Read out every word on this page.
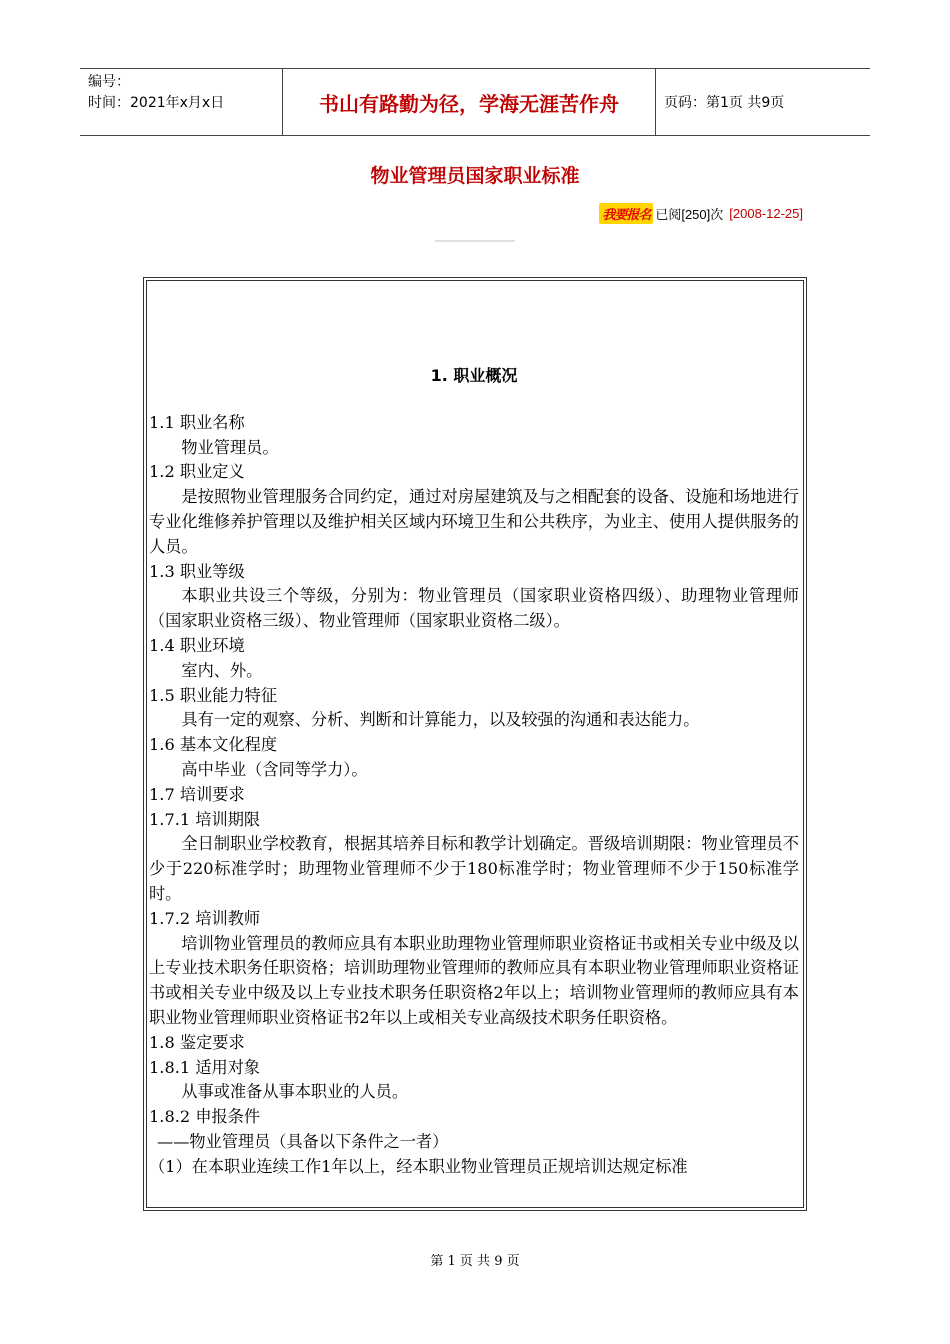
编号：
时间：2021年x月x日	书山有路勤为径，学海无涯苦作舟	页码：第1页 共9页
物业管理员国家职业标准
我要报名 已阅[250]次 [2008-12-25]
1. 职业概况
1.1 职业名称
物业管理员。
1.2 职业定义
是按照物业管理服务合同约定，通过对房屋建筑及与之相配套的设备、设施和场地进行专业化维修养护管理以及维护相关区域内环境卫生和公共秩序，为业主、使用人提供服务的人员。
1.3 职业等级
本职业共设三个等级，分别为：物业管理员（国家职业资格四级）、助理物业管理师（国家职业资格三级）、物业管理师（国家职业资格二级）。
1.4 职业环境
室内、外。
1.5 职业能力特征
具有一定的观察、分析、判断和计算能力，以及较强的沟通和表达能力。
1.6 基本文化程度
高中毕业（含同等学力）。
1.7 培训要求
1.7.1 培训期限
全日制职业学校教育，根据其培养目标和教学计划确定。晋级培训期限：物业管理员不少于220标准学时；助理物业管理师不少于180标准学时；物业管理师不少于150标准学时。
1.7.2 培训教师
培训物业管理员的教师应具有本职业助理物业管理师职业资格证书或相关专业中级及以上专业技术职务任职资格；培训助理物业管理师的教师应具有本职业物业管理师职业资格证书或相关专业中级及以上专业技术职务任职资格2年以上；培训物业管理师的教师应具有本职业物业管理师职业资格证书2年以上或相关专业高级技术职务任职资格。
1.8 鉴定要求
1.8.1 适用对象
从事或准备从事本职业的人员。
1.8.2 申报条件
——物业管理员（具备以下条件之一者）
（1）在本职业连续工作1年以上，经本职业物业管理员正规培训达规定标准
第 1 页 共 9 页
